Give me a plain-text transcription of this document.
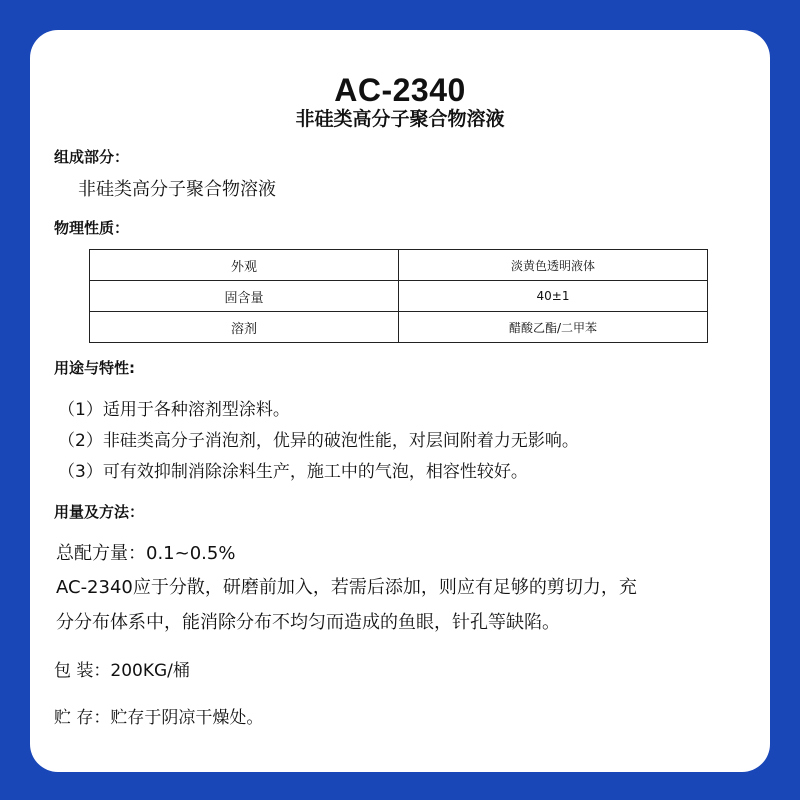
AC-2340
非硅类高分子聚合物溶液
组成部分：
非硅类高分子聚合物溶液
物理性质：
外观	淡黄色透明液体
固含量	40±1
溶剂	醋酸乙酯/二甲苯
用途与特性:
（1）适用于各种溶剂型涂料。
（2）非硅类高分子消泡剂，优异的破泡性能，对层间附着力无影响。
（3）可有效抑制消除涂料生产，施工中的气泡，相容性较好。
用量及方法：
总配方量：0.1~0.5%
AC-2340应于分散，研磨前加入，若需后添加，则应有足够的剪切力，充
分分布体系中，能消除分布不均匀而造成的鱼眼，针孔等缺陷。
包 装：200KG/桶
贮 存：贮存于阴凉干燥处。
